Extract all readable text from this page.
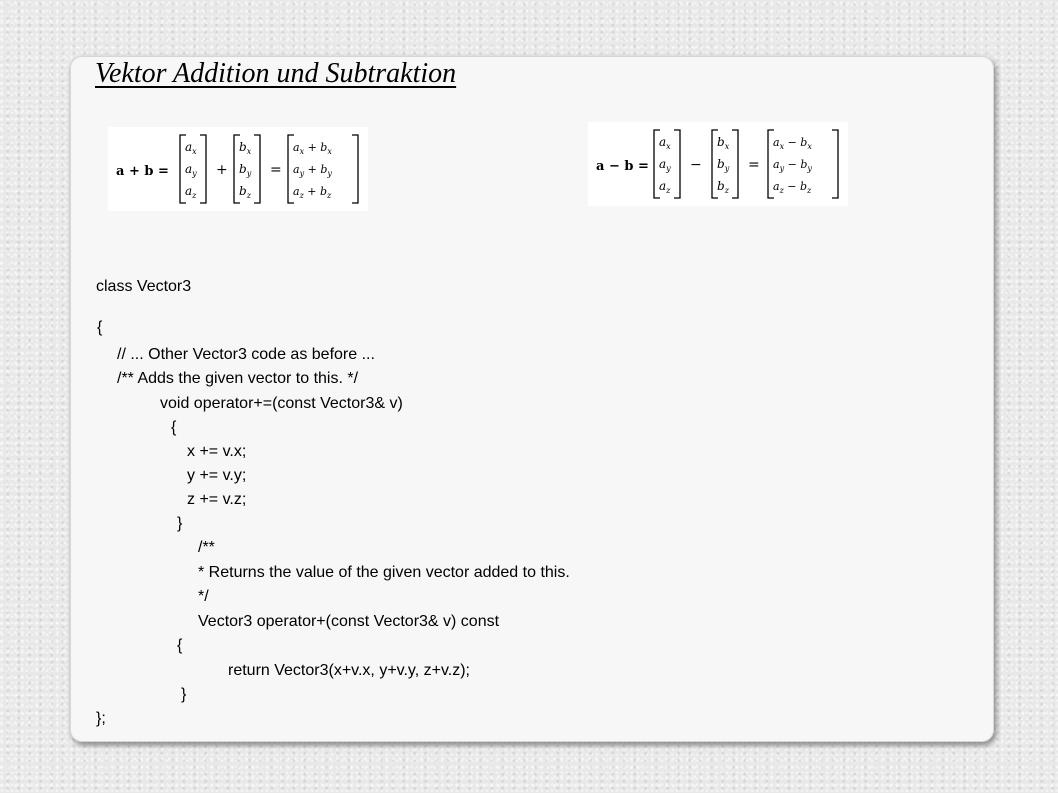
Vektor Addition und Subtraktion
a + b =
$a_x$
$a_y$
$a_z$
+
$b_x$
$b_y$
$b_z$
=
$a_x + b_x$
$a_y + b_y$
$a_z + b_z$
a − b =
$a_x$
$a_y$
$a_z$
−
$b_x$
$b_y$
$b_z$
=
$a_x - b_x$
$a_y - b_y$
$a_z - b_z$
class Vector3
{
// ... Other Vector3 code as before ...
/** Adds the given vector to this. */
void operator+=(const Vector3& v)
{
x += v.x;
y += v.y;
z += v.z;
}
/**
* Returns the value of the given vector added to this.
*/
Vector3 operator+(const Vector3& v) const
{
return Vector3(x+v.x, y+v.y, z+v.z);
}
};
